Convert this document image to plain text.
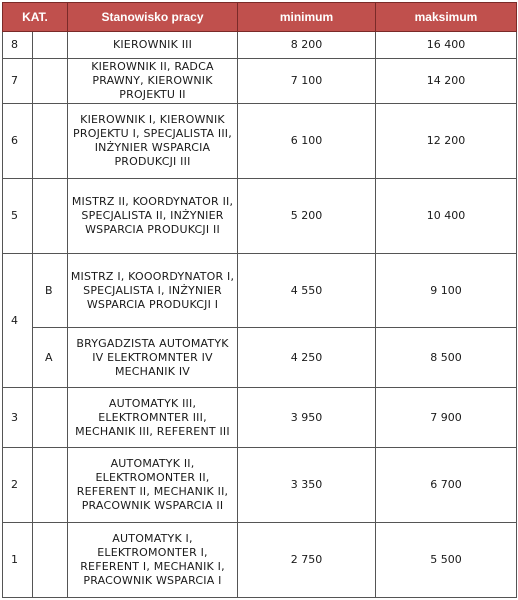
KAT.		Stanowisko pracy	minimum	maksimum
8		KIEROWNIK III	8 200	16 400
7		KIEROWNIK II, RADCA PRAWNY, KIEROWNIK PROJEKTU II	7 100	14 200
6		KIEROWNIK I, KIEROWNIK PROJEKTU I, SPECJALISTA III, INŻYNIER WSPARCIA PRODUKCJI III	6 100	12 200
5		MISTRZ II, KOORDYNATOR II, SPECJALISTA II, INŻYNIER WSPARCIA PRODUKCJI II	5 200	10 400
4	B	MISTRZ I, KOOORDYNATOR I, SPECJALISTA I, INŻYNIER WSPARCIA PRODUKCJI I	4 550	9 100
	A	BRYGADZISTA AUTOMATYK IV ELEKTROMNTER IV MECHANIK IV	4 250	8 500
3		AUTOMATYK III, ELEKTROMNTER III, MECHANIK III, REFERENT III	3 950	7 900
2		AUTOMATYK II, ELEKTROMONTER II, REFERENT II, MECHANIK II, PRACOWNIK WSPARCIA II	3 350	6 700
1		AUTOMATYK I, ELEKTROMONTER I, REFERENT I, MECHANIK I, PRACOWNIK WSPARCIA I	2 750	5 500
